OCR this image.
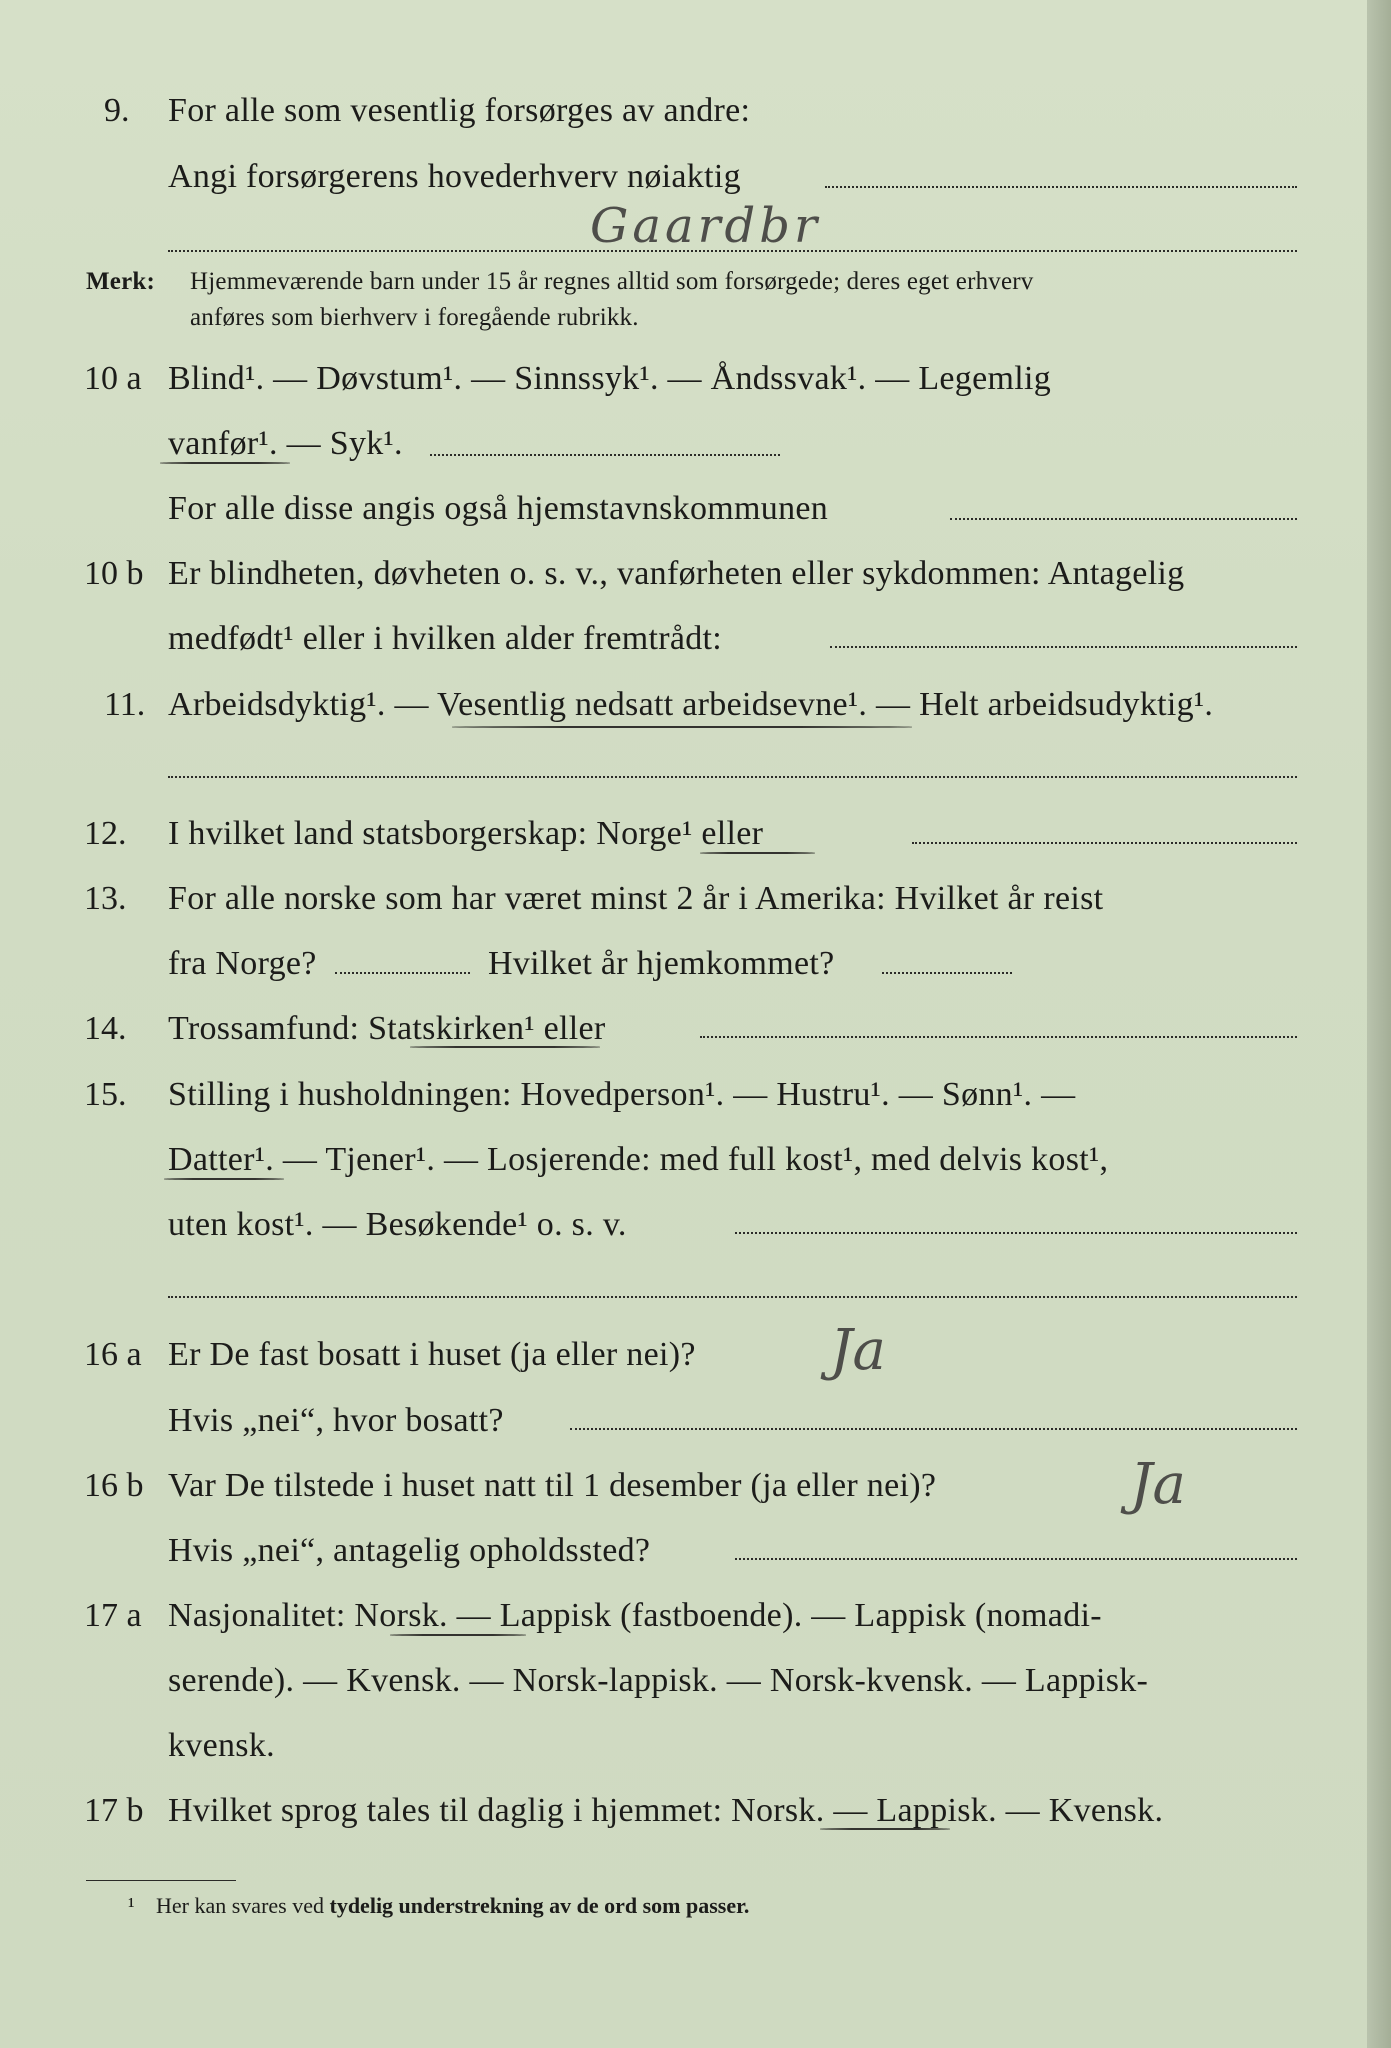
9. For alle som vesentlig forsørges av andre:
Angi forsørgerens hovederhverv nøiaktig
Gaardbr
Merk: Hjemmeværende barn under 15 år regnes alltid som forsørgede; deres eget erhverv
anføres som bierhverv i foregående rubrikk.
10 a Blind¹. — Døvstum¹. — Sinnssyk¹. — Åndssvak¹. — Legemlig
vanfør¹. — Syk¹.
For alle disse angis også hjemstavnskommunen
10 b Er blindheten, døvheten o. s. v., vanførheten eller sykdommen: Antagelig
medfødt¹ eller i hvilken alder fremtrådt:
11. Arbeidsdyktig¹. — Vesentlig nedsatt arbeidsevne¹. — Helt arbeidsudyktig¹.
12. I hvilket land statsborgerskap: Norge¹ eller
13. For alle norske som har været minst 2 år i Amerika: Hvilket år reist
fra Norge?	Hvilket år hjemkommet?
14. Trossamfund: Statskirken¹ eller
15. Stilling i husholdningen: Hovedperson¹. — Hustru¹. — Sønn¹. —
Datter¹. — Tjener¹. — Losjerende: med full kost¹, med delvis kost¹,
uten kost¹. — Besøkende¹ o. s. v.
16 a Er De fast bosatt i huset (ja eller nei)? Ja
Hvis „nei“, hvor bosatt?
16 b Var De tilstede i huset natt til 1 desember (ja eller nei)?	Ja
Hvis „nei“, antagelig opholdssted?
17 a Nasjonalitet: Norsk. — Lappisk (fastboende). — Lappisk (nomadi-
serende). — Kvensk. — Norsk-lappisk. — Norsk-kvensk. — Lappisk-
kvensk.
17 b Hvilket sprog tales til daglig i hjemmet: Norsk. — Lappisk. — Kvensk.
¹ Her kan svares ved tydelig understrekning av de ord som passer.
